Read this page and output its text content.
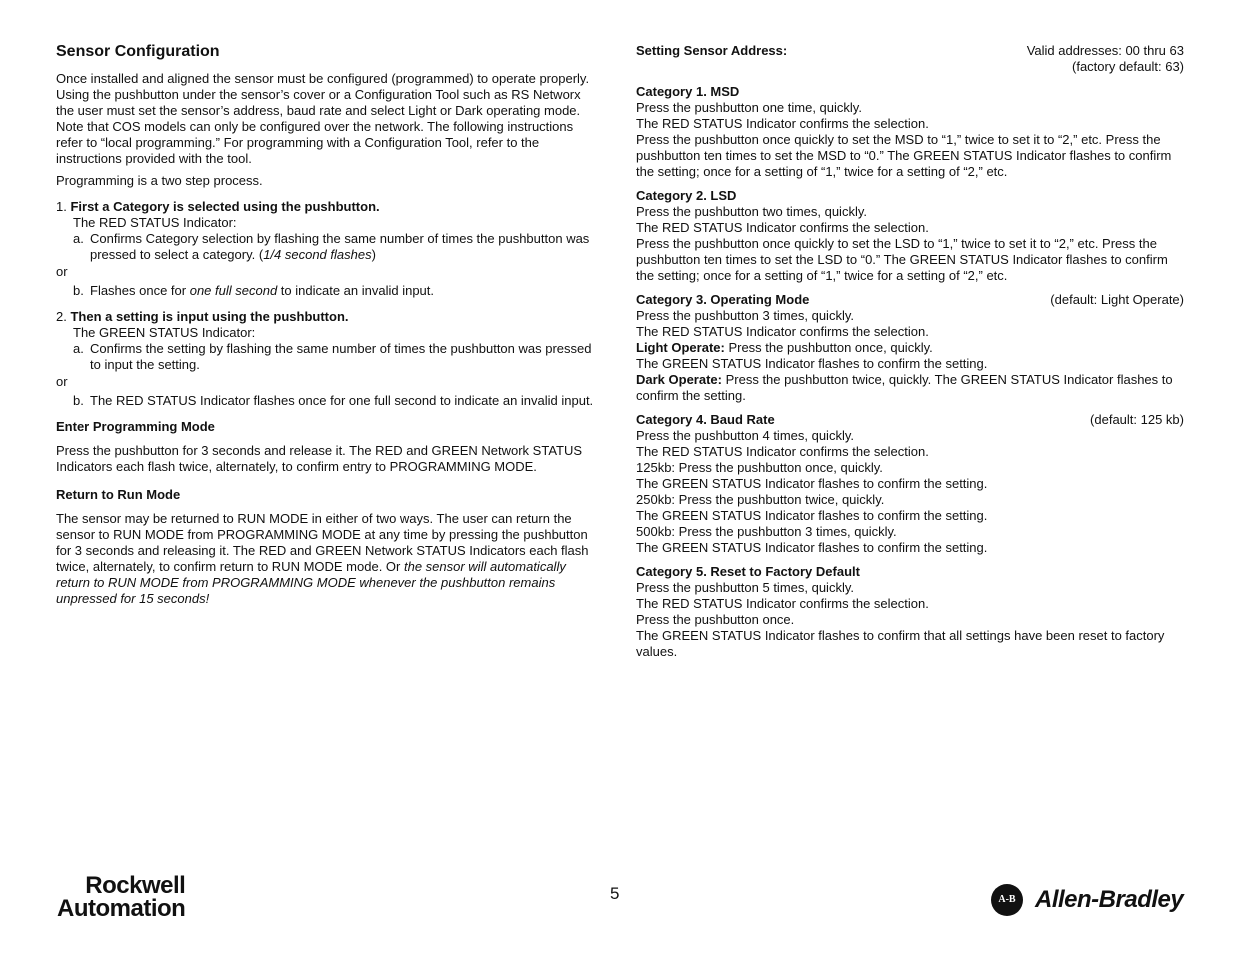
Sensor Configuration

Once installed and aligned the sensor must be configured (programmed) to operate properly. Using the pushbutton under the sensor’s cover or a Configuration Tool such as RS Networx the user must set the sensor’s address, baud rate and select Light or Dark operating mode. Note that COS models can only be configured over the network. The following instructions refer to “local programming.” For programming with a Configuration Tool, refer to the instructions provided with the tool.

Programming is a two step process.

1. First a Category is selected using the pushbutton.
The RED STATUS Indicator:
a. Confirms Category selection by flashing the same number of times the pushbutton was pressed to select a category. (1/4 second flashes)
or
b. Flashes once for one full second to indicate an invalid input.
2. Then a setting is input using the pushbutton.
The GREEN STATUS Indicator:
a. Confirms the setting by flashing the same number of times the pushbutton was pressed to input the setting.
or
b. The RED STATUS Indicator flashes once for one full second to indicate an invalid input.
Enter Programming Mode

Press the pushbutton for 3 seconds and release it. The RED and GREEN Network STATUS Indicators each flash twice, alternately, to confirm entry to PROGRAMMING MODE.

Return to Run Mode

The sensor may be returned to RUN MODE in either of two ways. The user can return the sensor to RUN MODE from PROGRAMMING MODE at any time by pressing the pushbutton for 3 seconds and releasing it. The RED and GREEN Network STATUS Indicators each flash twice, alternately, to confirm return to RUN MODE mode. Or the sensor will automatically return to RUN MODE from PROGRAMMING MODE whenever the pushbutton remains unpressed for 15 seconds!

Setting Sensor Address:	Valid addresses: 00 thru 63
(factory default: 63)
Category 1. MSD
Press the pushbutton one time, quickly.
The RED STATUS Indicator confirms the selection.
Press the pushbutton once quickly to set the MSD to “1,” twice to set it to “2,” etc. Press the pushbutton ten times to set the MSD to “0.” The GREEN STATUS Indicator flashes to confirm the setting; once for a setting of “1,” twice for a setting of “2,” etc.
Category 2. LSD
Press the pushbutton two times, quickly.
The RED STATUS Indicator confirms the selection.
Press the pushbutton once quickly to set the LSD to “1,” twice to set it to “2,” etc. Press the pushbutton ten times to set the LSD to “0.” The GREEN STATUS Indicator flashes to confirm the setting; once for a setting of “1,” twice for a setting of “2,” etc.
Category 3. Operating Mode	(default: Light Operate)
Press the pushbutton 3 times, quickly.
The RED STATUS Indicator confirms the selection.
Light Operate: Press the pushbutton once, quickly.
The GREEN STATUS Indicator flashes to confirm the setting.
Dark Operate: Press the pushbutton twice, quickly. The GREEN STATUS Indicator flashes to confirm the setting.
Category 4. Baud Rate	(default: 125 kb)
Press the pushbutton 4 times, quickly.
The RED STATUS Indicator confirms the selection.
125kb: Press the pushbutton once, quickly.
The GREEN STATUS Indicator flashes to confirm the setting.
250kb: Press the pushbutton twice, quickly.
The GREEN STATUS Indicator flashes to confirm the setting.
500kb: Press the pushbutton 3 times, quickly.
The GREEN STATUS Indicator flashes to confirm the setting.
Category 5. Reset to Factory Default
Press the pushbutton 5 times, quickly.
The RED STATUS Indicator confirms the selection.
Press the pushbutton once.
The GREEN STATUS Indicator flashes to confirm that all settings have been reset to factory values.
Rockwell
Automation
5	A-B Allen-Bradley
